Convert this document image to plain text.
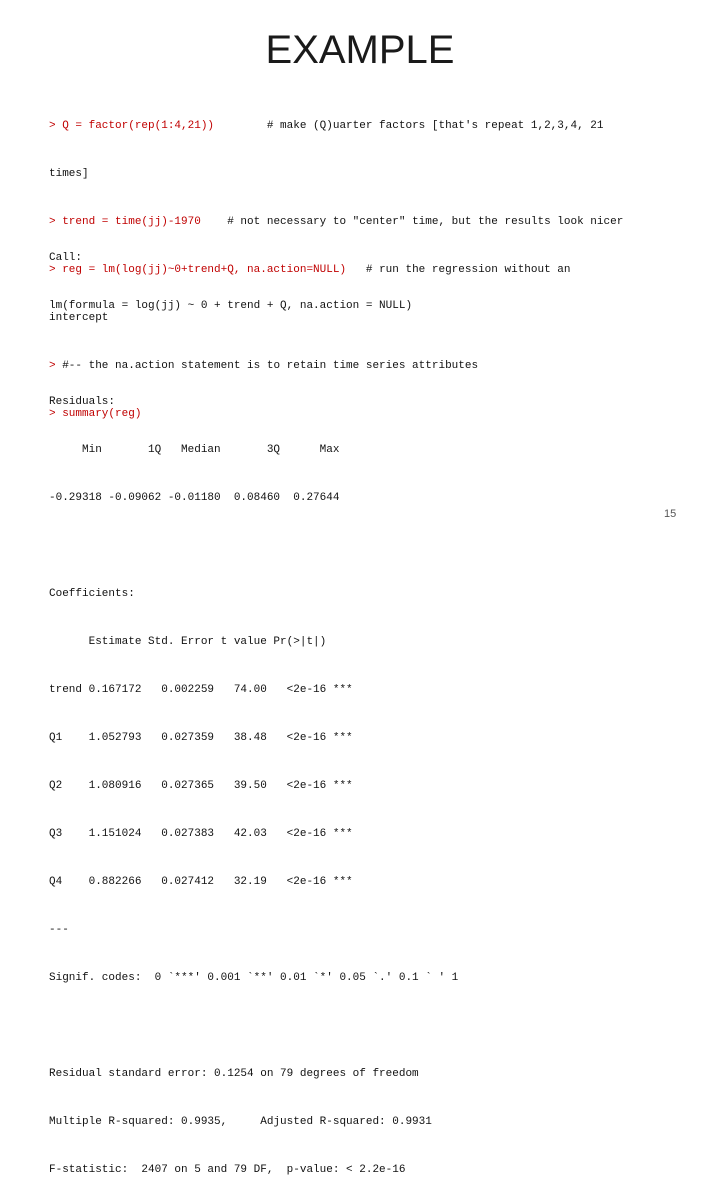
EXAMPLE

> Q = factor(rep(1:4,21))        # make (Q)uarter factors [that's repeat 1,2,3,4, 21

times]

> trend = time(jj)-1970    # not necessary to "center" time, but the results look nicer

> reg = lm(log(jj)~0+trend+Q, na.action=NULL)   # run the regression without an

intercept

> #-- the na.action statement is to retain time series attributes

> summary(reg)

Call:

lm(formula = log(jj) ~ 0 + trend + Q, na.action = NULL)

Residuals:

Min       1Q   Median       3Q      Max

-0.29318 -0.09062 -0.01180  0.08460  0.27644

Coefficients:

Estimate Std. Error t value Pr(>|t|)

trend 0.167172   0.002259   74.00   <2e-16 ***

Q1    1.052793   0.027359   38.48   <2e-16 ***

Q2    1.080916   0.027365   39.50   <2e-16 ***

Q3    1.151024   0.027383   42.03   <2e-16 ***

Q4    0.882266   0.027412   32.19   <2e-16 ***

---

Signif. codes:  0 `***' 0.001 `**' 0.01 `*' 0.05 `.' 0.1 ` ' 1

Residual standard error: 0.1254 on 79 degrees of freedom

Multiple R-squared: 0.9935,     Adjusted R-squared: 0.9931

F-statistic:  2407 on 5 and 79 DF,  p-value: < 2.2e-16

15
